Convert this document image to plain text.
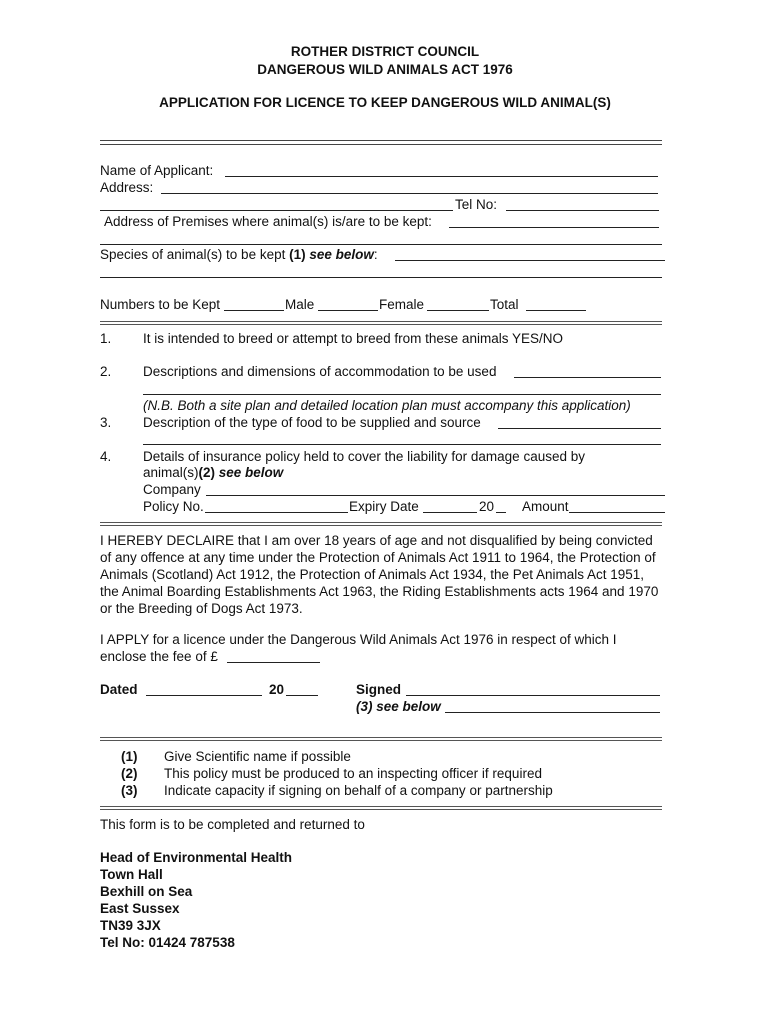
ROTHER DISTRICT COUNCIL
DANGEROUS WILD ANIMALS ACT 1976
APPLICATION FOR LICENCE TO KEEP DANGEROUS WILD ANIMAL(S)
Name of Applicant:
Address:
Tel No:
Address of Premises where animal(s) is/are to be kept:
Species of animal(s) to be kept (1) see below:
Numbers to be Kept	Male	Female	Total
1. It is intended to breed or attempt to breed from these animals YES/NO
2. Descriptions and dimensions of accommodation to be used
(N.B. Both a site plan and detailed location plan must accompany this application)
3. Description of the type of food to be supplied and source
4. Details of insurance policy held to cover the liability for damage caused by
animal(s)(2) see below
Company
Policy No.	Expiry Date	20 Amount
I HEREBY DECLAIRE that I am over 18 years of age and not disqualified by being convicted of any offence at any time under the Protection of Animals Act 1911 to 1964, the Protection of Animals (Scotland) Act 1912, the Protection of Animals Act 1934, the Pet Animals Act 1951, the Animal Boarding Establishments Act 1963, the Riding Establishments acts 1964 and 1970 or the Breeding of Dogs Act 1973.
I APPLY for a licence under the Dangerous Wild Animals Act 1976 in respect of which I
enclose the fee of £
Dated	20	Signed
(3) see below
(1) Give Scientific name if possible
(2) This policy must be produced to an inspecting officer if required
(3) Indicate capacity if signing on behalf of a company or partnership
This form is to be completed and returned to
Head of Environmental Health
Town Hall
Bexhill on Sea
East Sussex
TN39 3JX
Tel No: 01424 787538
